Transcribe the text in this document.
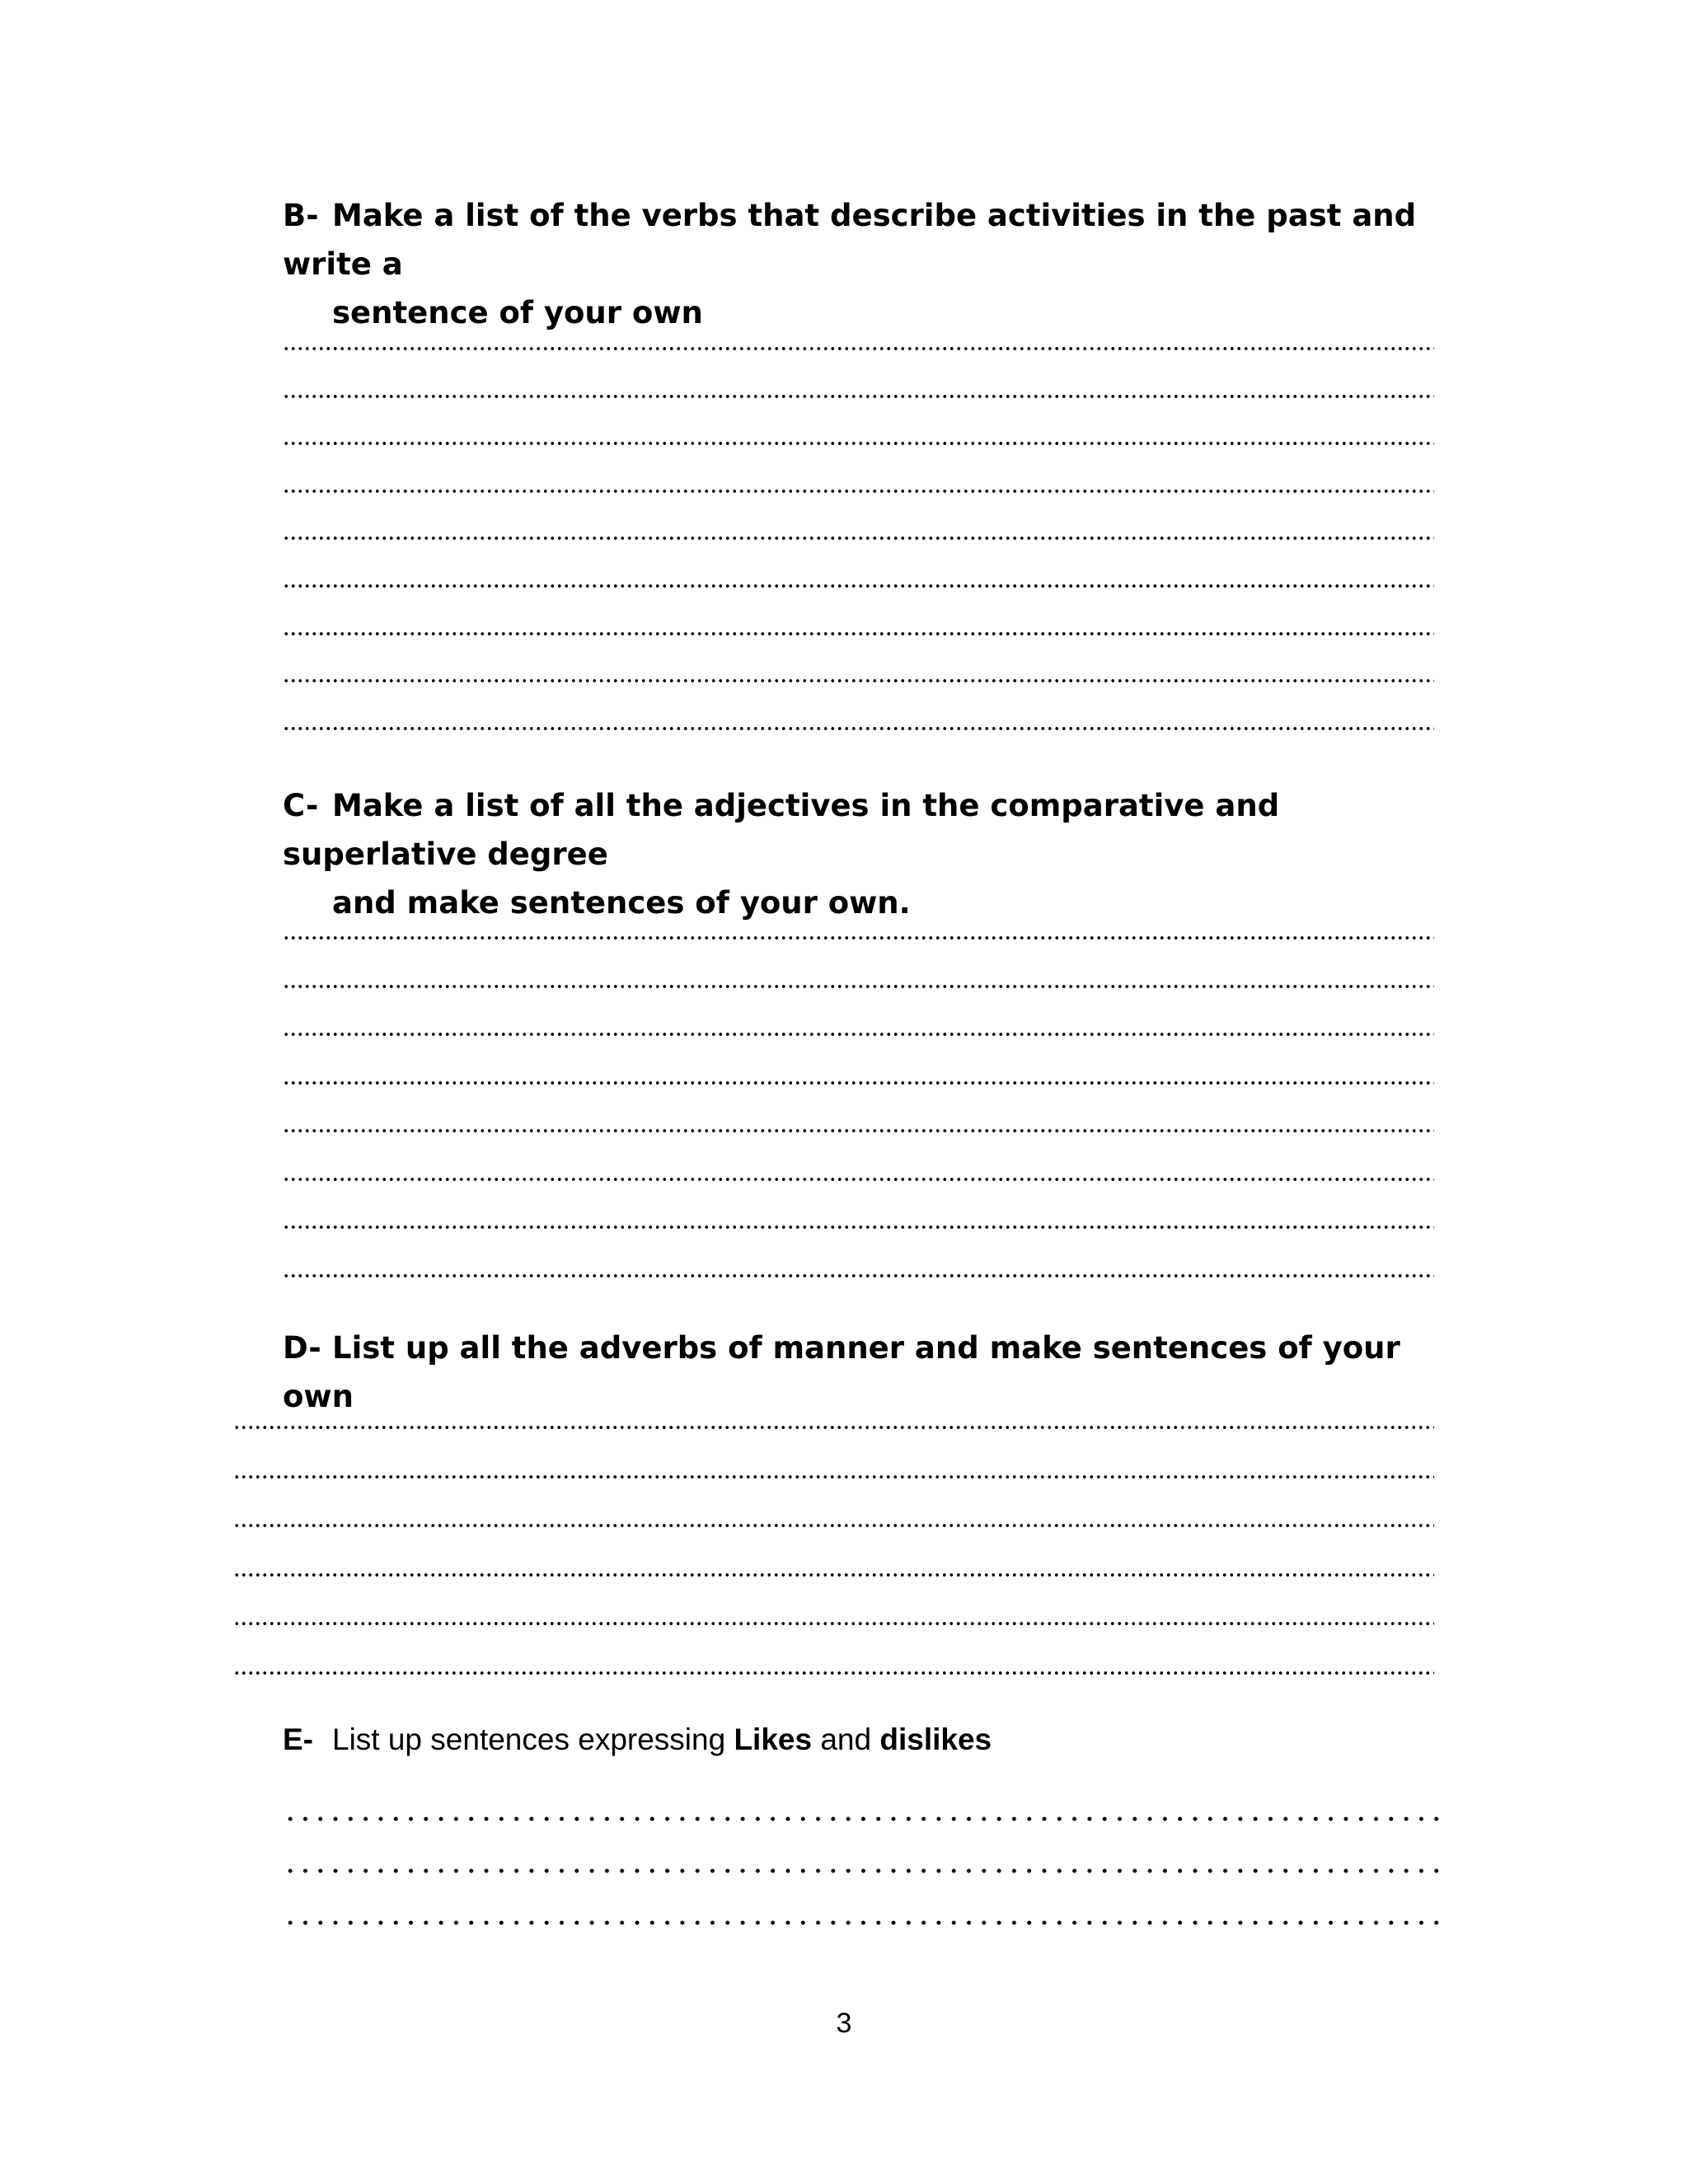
B- Make a list of the verbs that describe activities in the past and write a
sentence of your own
C- Make a list of all the adjectives in the comparative and superlative degree
and make sentences of your own.
D- List up all the adverbs of manner and make sentences of your own
E- List up sentences expressing Likes and dislikes
3
